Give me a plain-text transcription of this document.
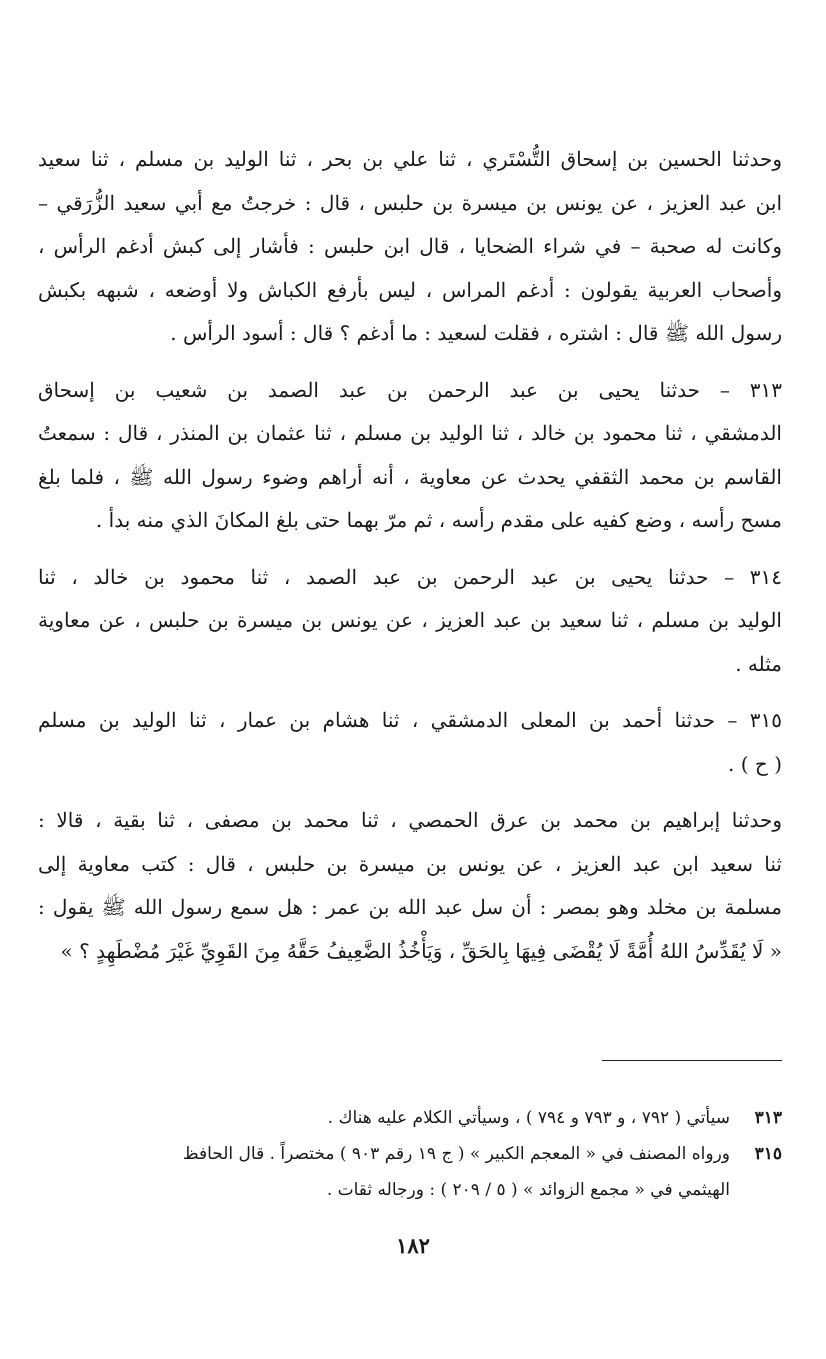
وحدثنا الحسين بن إسحاق التُّسْتَري ، ثنا علي بن بحر ، ثنا الوليد بن مسلم ، ثنا سعيد
ابن عبد العزيز ، عن يونس بن ميسرة بن حلبس ، قال : خرجتُ مع أبي سعيد الزُّرَقي –
وكانت له صحبة – في شراء الضحايا ، قال ابن حلبس : فأشار إلى كبش أدغم الرأس ،
وأصحاب العربية يقولون : أدغم المراس ، ليس بأرفع الكباش ولا أوضعه ، شبهه بكبش
رسول الله ﷺ قال : اشتره ، فقلت لسعيد : ما أدغم ؟ قال : أسود الرأس .

٣١٣ – حدثنا يحيى بن عبد الرحمن بن عبد الصمد بن شعيب بن إسحاق
الدمشقي ، ثنا محمود بن خالد ، ثنا الوليد بن مسلم ، ثنا عثمان بن المنذر ، قال : سمعتُ
القاسم بن محمد الثقفي يحدث عن معاوية ، أنه أراهم وضوء رسول الله ﷺ ، فلما بلغ
مسح رأسه ، وضع كفيه على مقدم رأسه ، ثم مرّ بهما حتى بلغ المكانَ الذي منه بدأ .

٣١٤ – حدثنا يحيى بن عبد الرحمن بن عبد الصمد ، ثنا محمود بن خالد ، ثنا
الوليد بن مسلم ، ثنا سعيد بن عبد العزيز ، عن يونس بن ميسرة بن حلبس ، عن معاوية
مثله .

٣١٥ – حدثنا أحمد بن المعلى الدمشقي ، ثنا هشام بن عمار ، ثنا الوليد بن مسلم
( ح ) .

وحدثنا إبراهيم بن محمد بن عرق الحمصي ، ثنا محمد بن مصفى ، ثنا بقية ، قالا :
ثنا سعيد ابن عبد العزيز ، عن يونس بن ميسرة بن حلبس ، قال : كتب معاوية إلى
مسلمة بن مخلد وهو بمصر : أن سل عبد الله بن عمر : هل سمع رسول الله ﷺ يقول :
« لَا يُقَدِّسُ اللهُ أُمَّةً لَا يُقْضَى فِيهَا بِالحَقِّ ، وَيَأْخُذُ الضَّعِيفُ حَقَّهُ مِنَ القَوِيِّ غَيْرَ مُضْطَهِدٍ ؟ »

٣١٣
سيأتي ( ٧٩٢ ، و ٧٩٣ و ٧٩٤ ) ، وسيأتي الكلام عليه هناك .
٣١٥
ورواه المصنف في « المعجم الكبير » ( ج ١٩ رقم ٩٠٣ ) مختصراً . قال الحافظ
الهيثمي في « مجمع الزوائد » ( ٥ / ٢٠٩ ) : ورجاله ثقات .
١٨٢
